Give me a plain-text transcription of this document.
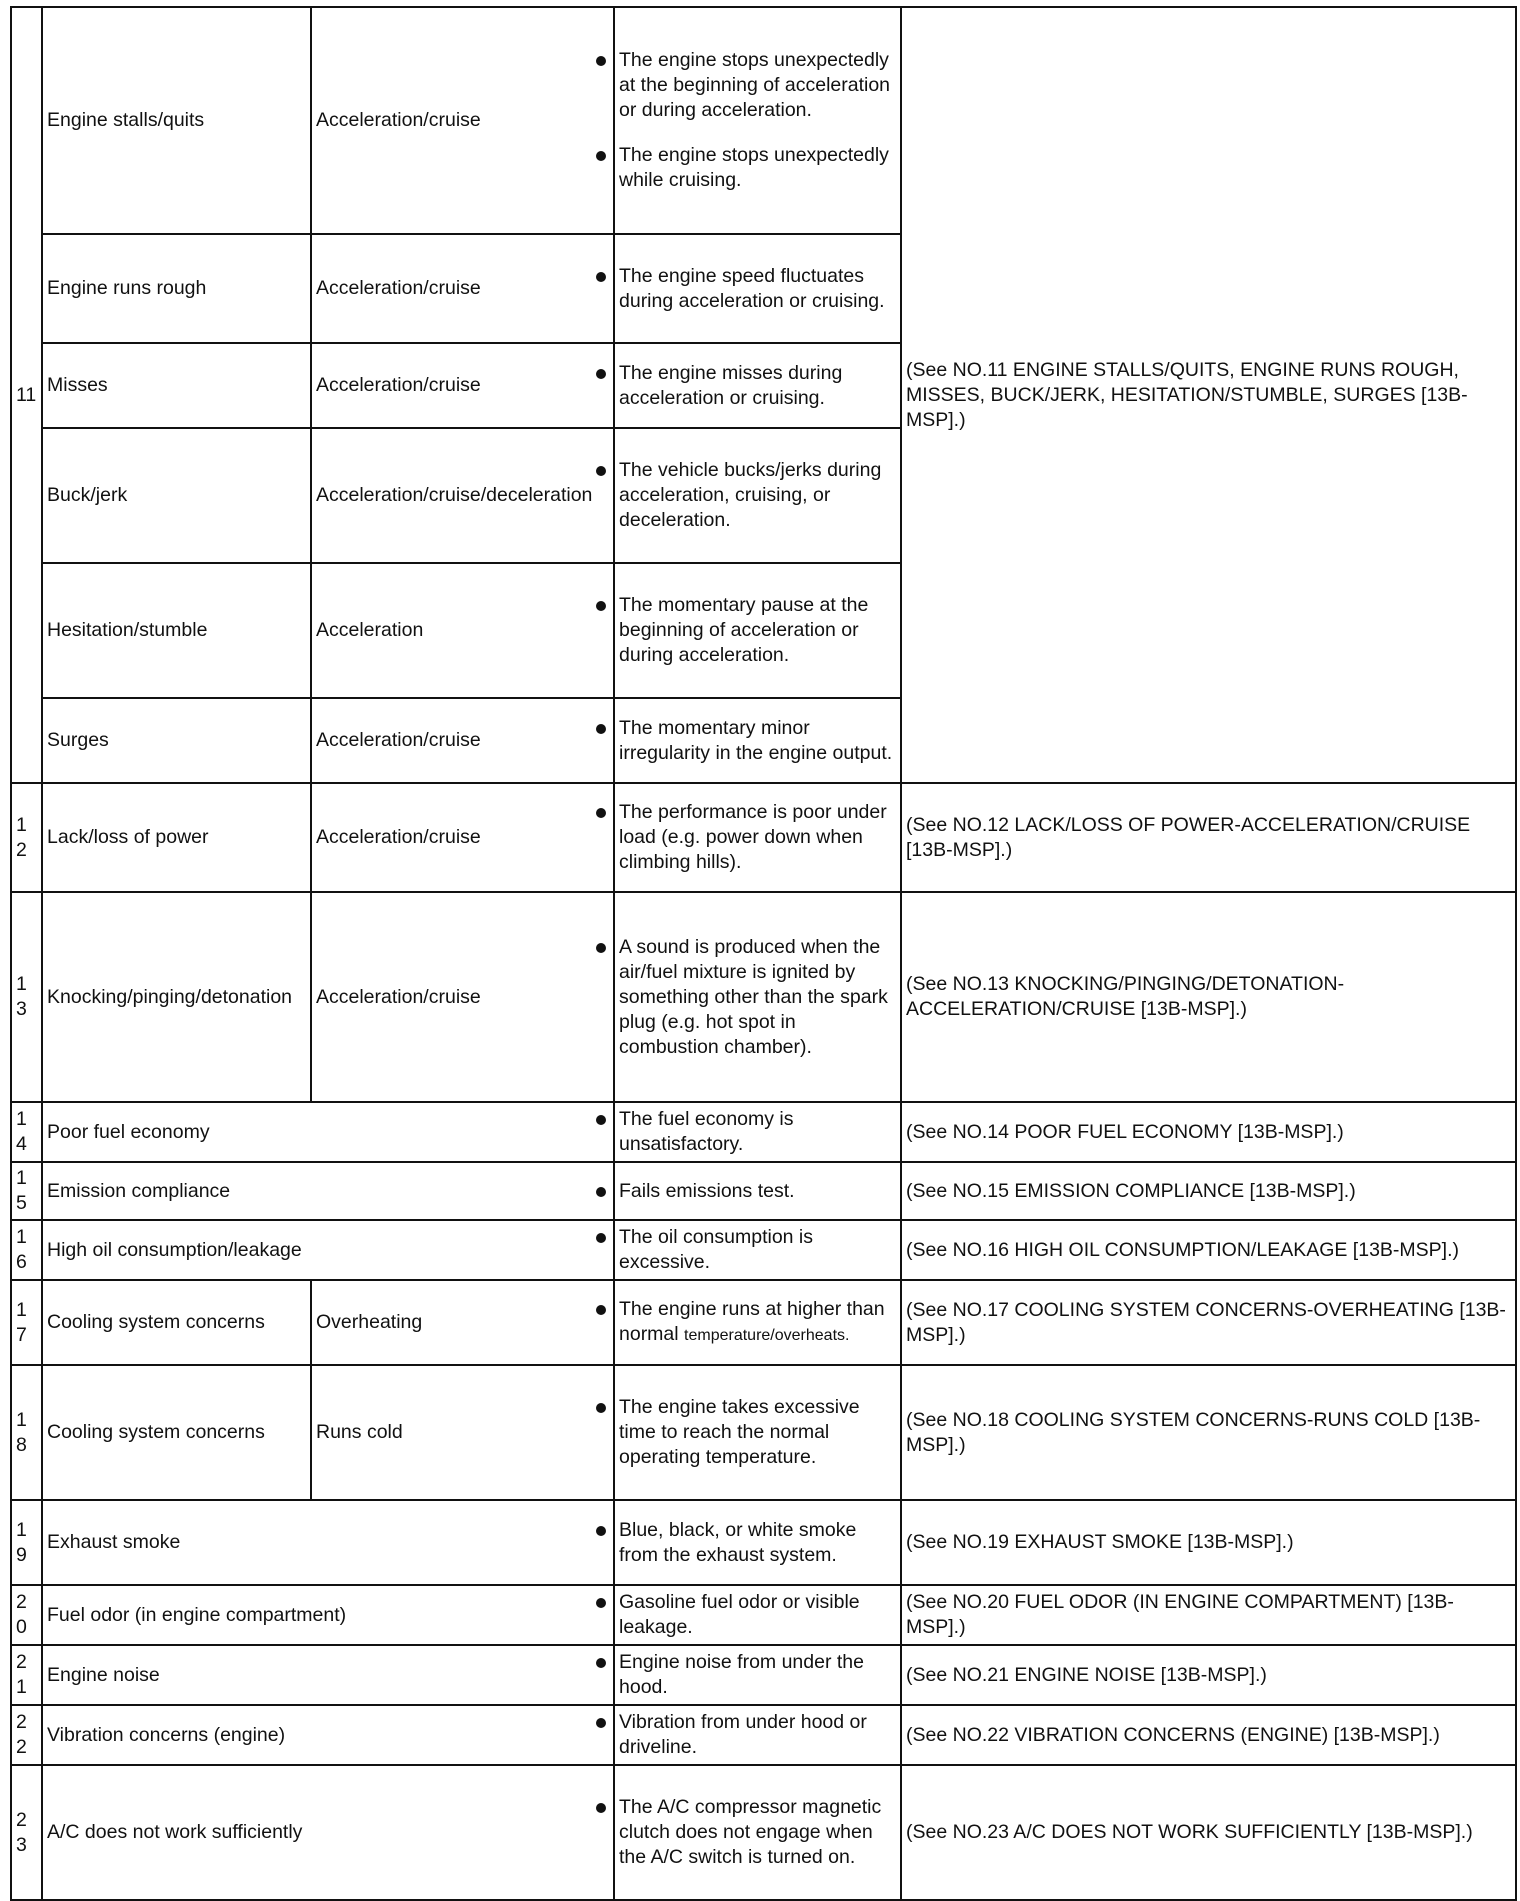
11	Engine stalls/quits	Acceleration/cruise	The engine stops unexpectedly at the beginning of acceleration or during acceleration.
The engine stops unexpectedly while cruising.	(See NO.11 ENGINE STALLS/QUITS, ENGINE RUNS ROUGH, MISSES, BUCK/JERK, HESITATION/STUMBLE, SURGES [13B-MSP].)
	Engine runs rough	Acceleration/cruise	The engine speed fluctuates during acceleration or cruising.	

	Misses	Acceleration/cruise	The engine misses during acceleration or cruising.	

	Buck/jerk	Acceleration/cruise/deceleration	The vehicle bucks/jerks during acceleration, cruising, or deceleration.	

	Hesitation/stumble	Acceleration	The momentary pause at the beginning of acceleration or during acceleration.	

	Surges	Acceleration/cruise	The momentary minor irregularity in the engine output.	

12	Lack/loss of power	Acceleration/cruise	The performance is poor under load (e.g. power down when climbing hills).	(See NO.12 LACK/LOSS OF POWER-ACCELERATION/CRUISE [13B-MSP].)
13	Knocking/pinging/detonation	Acceleration/cruise	A sound is produced when the air/fuel mixture is ignited by something other than the spark plug (e.g. hot spot in combustion chamber).	(See NO.13 KNOCKING/PINGING/DETONATION-ACCELERATION/CRUISE [13B-MSP].)
14	Poor fuel economy		The fuel economy is unsatisfactory.	(See NO.14 POOR FUEL ECONOMY [13B-MSP].)
15	Emission compliance		Fails emissions test.	(See NO.15 EMISSION COMPLIANCE [13B-MSP].)
16	High oil consumption/leakage		The oil consumption is excessive.	(See NO.16 HIGH OIL CONSUMPTION/LEAKAGE [13B-MSP].)
17	Cooling system concerns	Overheating	The engine runs at higher than normal temperature/overheats.	(See NO.17 COOLING SYSTEM CONCERNS-OVERHEATING [13B-MSP].)
18	Cooling system concerns	Runs cold	The engine takes excessive time to reach the normal operating temperature.	(See NO.18 COOLING SYSTEM CONCERNS-RUNS COLD [13B-MSP].)
19	Exhaust smoke		Blue, black, or white smoke from the exhaust system.	(See NO.19 EXHAUST SMOKE [13B-MSP].)
20	Fuel odor (in engine compartment)		Gasoline fuel odor or visible leakage.	(See NO.20 FUEL ODOR (IN ENGINE COMPARTMENT) [13B-MSP].)
21	Engine noise		Engine noise from under the hood.	(See NO.21 ENGINE NOISE [13B-MSP].)
22	Vibration concerns (engine)		Vibration from under hood or driveline.	(See NO.22 VIBRATION CONCERNS (ENGINE) [13B-MSP].)
23	A/C does not work sufficiently		The A/C compressor magnetic clutch does not engage when the A/C switch is turned on.	(See NO.23 A/C DOES NOT WORK SUFFICIENTLY [13B-MSP].)
